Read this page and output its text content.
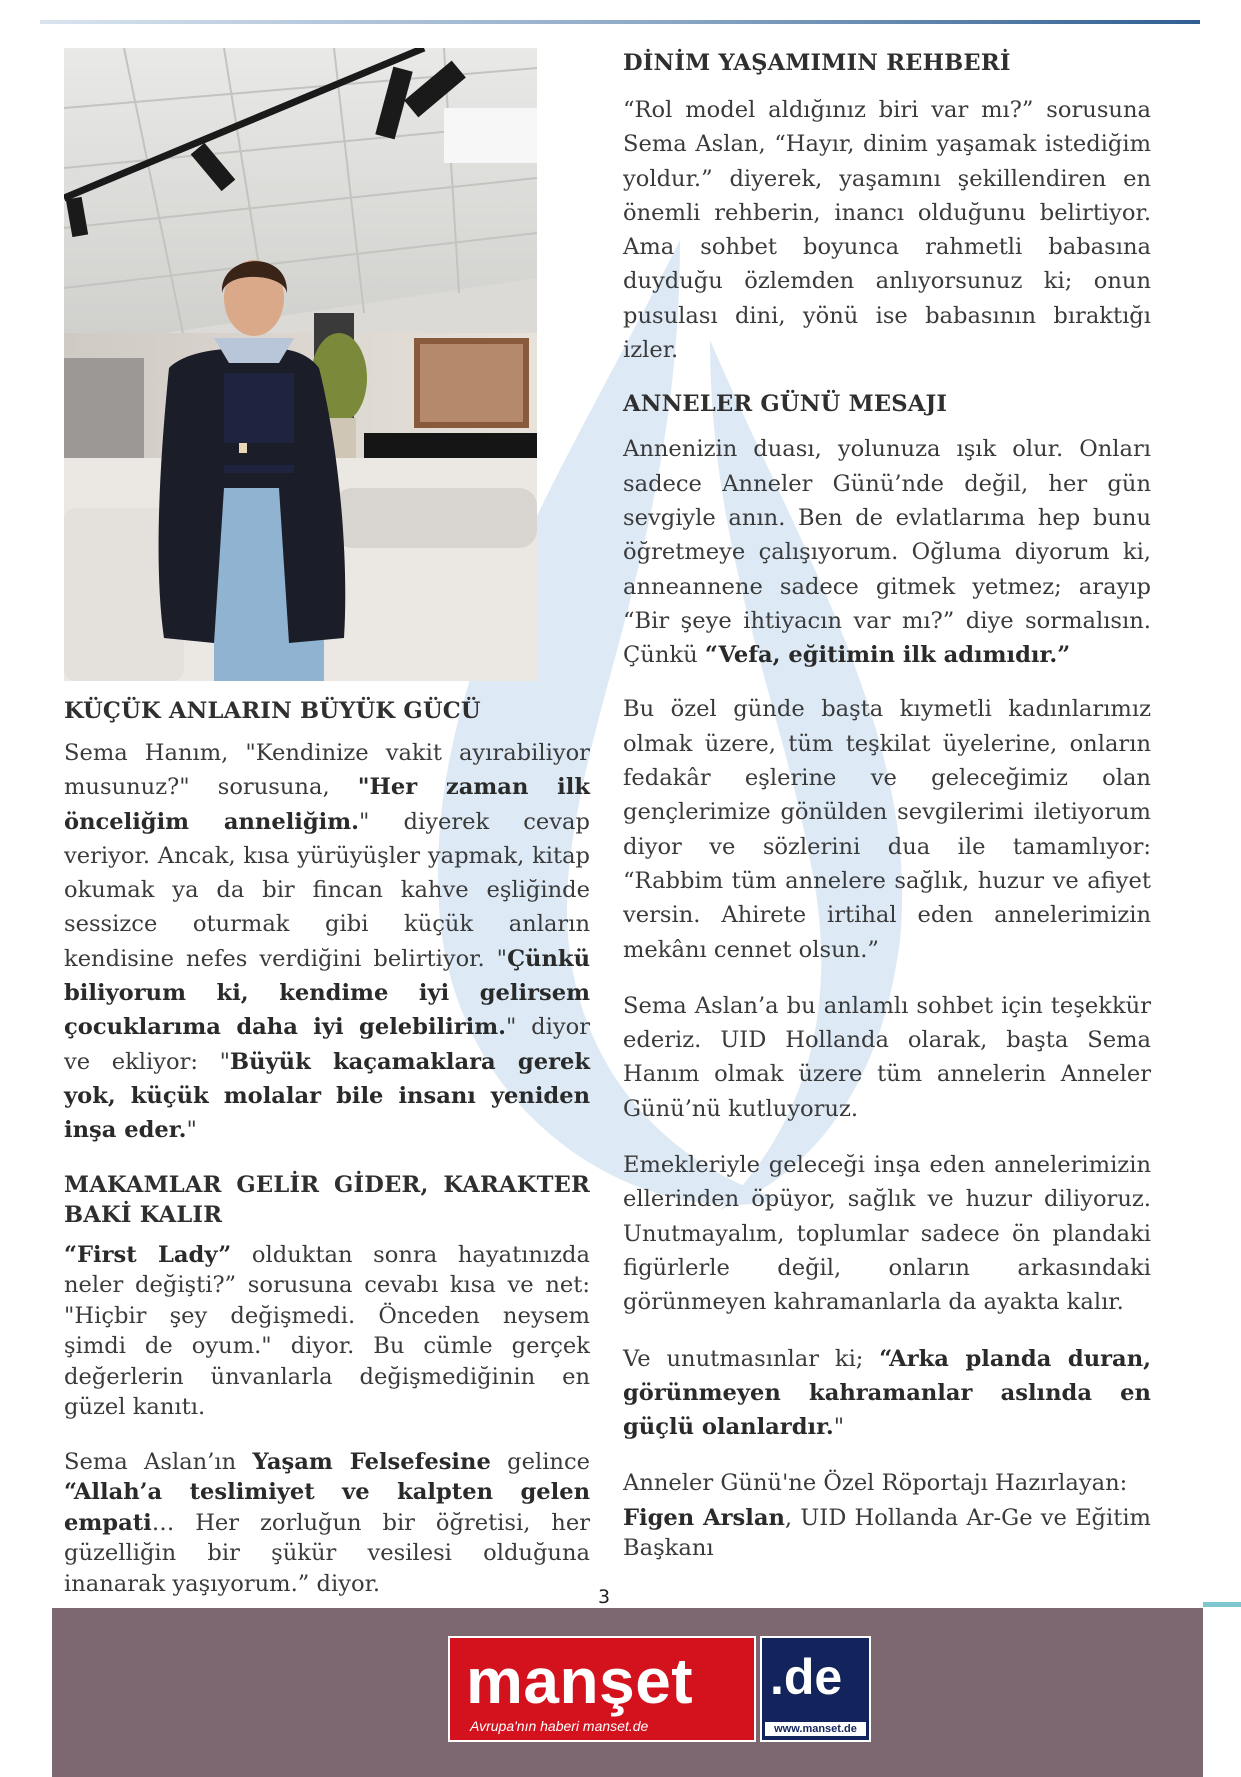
KÜÇÜK ANLARIN BÜYÜK GÜCÜ

Sema Hanım, "Kendinize vakit ayırabiliyor musunuz?" sorusuna, "Her zaman ilk önceliğim anneliğim." diyerek cevap veriyor. Ancak, kısa yürüyüşler yapmak, kitap okumak ya da bir fincan kahve eşliğinde sessizce oturmak gibi küçük anların kendisine nefes verdiğini belirtiyor. "Çünkü biliyorum ki, kendime iyi gelirsem çocuklarıma daha iyi gelebilirim." diyor ve ekliyor: "Büyük kaçamaklara gerek yok, küçük molalar bile insanı yeniden inşa eder."

MAKAMLAR GELİR GİDER, KARAKTER BAKİ KALIR

“First Lady” olduktan sonra hayatınızda neler değişti?” sorusuna cevabı kısa ve net: "Hiçbir şey değişmedi. Önceden neysem şimdi de oyum." diyor. Bu cümle gerçek değerlerin ünvanlarla değişmediğinin en güzel kanıtı.

Sema Aslan’ın Yaşam Felsefesine gelince “Allah’a teslimiyet ve kalpten gelen empati… Her zorluğun bir öğretisi, her güzelliğin bir şükür vesilesi olduğuna inanarak yaşıyorum.” diyor.

DİNİM YAŞAMIMIN REHBERİ

“Rol model aldığınız biri var mı?” sorusuna Sema Aslan, “Hayır, dinim yaşamak istediğim yoldur.” diyerek, yaşamını şekillendiren en önemli rehberin, inancı olduğunu belirtiyor. Ama sohbet boyunca rahmetli babasına duyduğu özlemden anlıyorsunuz ki; onun pusulası dini, yönü ise babasının bıraktığı izler.

ANNELER GÜNÜ MESAJI

Annenizin duası, yolunuza ışık olur. Onları sadece Anneler Günü’nde değil, her gün sevgiyle anın. Ben de evlatlarıma hep bunu öğretmeye çalışıyorum. Oğluma diyorum ki, anneannene sadece gitmek yetmez; arayıp “Bir şeye ihtiyacın var mı?” diye sormalısın. Çünkü “Vefa, eğitimin ilk adımıdır.”

Bu özel günde başta kıymetli kadınlarımız olmak üzere, tüm teşkilat üyelerine, onların fedakâr eşlerine ve geleceğimiz olan gençlerimize gönülden sevgilerimi iletiyorum diyor ve sözlerini dua ile tamamlıyor: “Rabbim tüm annelere sağlık, huzur ve afiyet versin. Ahirete irtihal eden annelerimizin mekânı cennet olsun.”

Sema Aslan’a bu anlamlı sohbet için teşekkür ederiz. UID Hollanda olarak, başta Sema Hanım olmak üzere tüm annelerin Anneler Günü’nü kutluyoruz.

Emekleriyle geleceği inşa eden annelerimizin ellerinden öpüyor, sağlık ve huzur diliyoruz. Unutmayalım, toplumlar sadece ön plandaki figürlerle değil, onların arkasındaki görünmeyen kahramanlarla da ayakta kalır.

Ve unutmasınlar ki; “Arka planda duran, görünmeyen kahramanlar aslında en güçlü olanlardır."

Anneler Günü'ne Özel Röportajı Hazırlayan:

Figen Arslan, UID Hollanda Ar-Ge ve Eğitim Başkanı

3
manşet
Avrupa'nın haberi manset.de
.de
www.manset.de
